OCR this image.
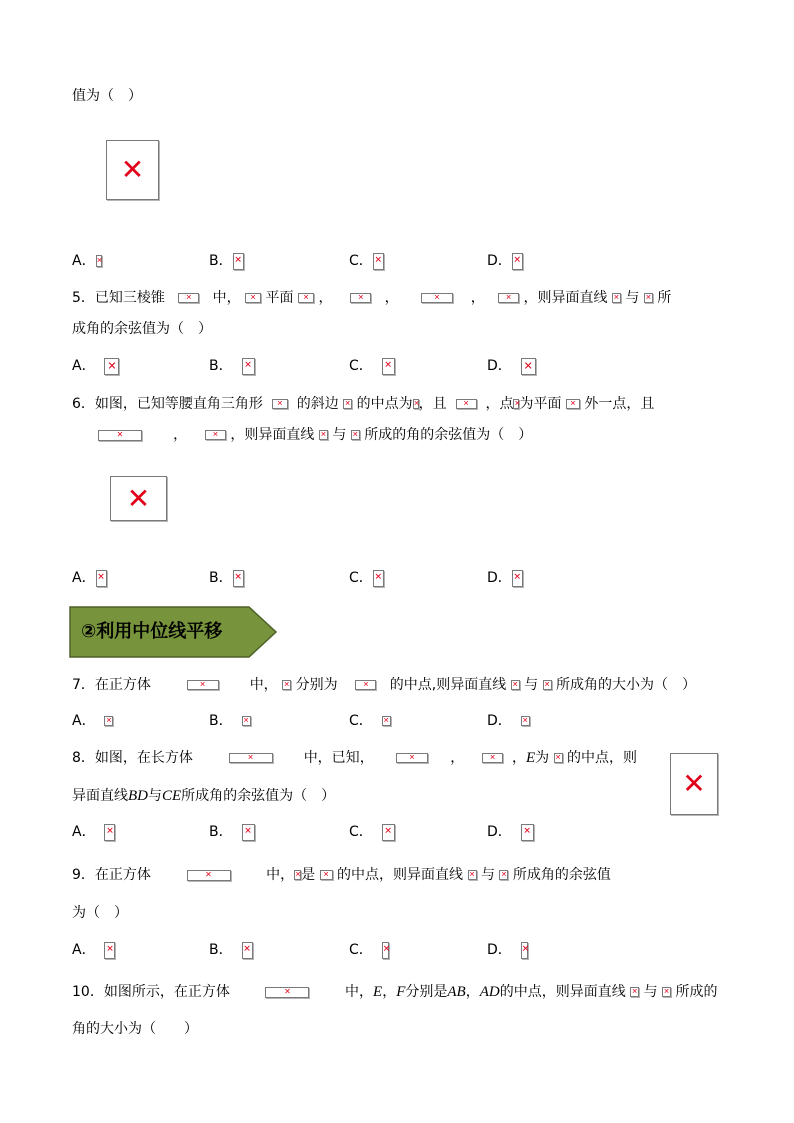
值为（　）
✕
A． ✕	B． ✕	C． ✕	D．✕
5．已知三棱锥 ✕	中， ✕ 平面 ✕ ， ✕	， ✕	， ✕	，则异面直线 ✕ 与 ✕ 所
成角的余弦值为（　）
A． ✕	B． ✕	C． ✕	D．  ✕
6．如图，已知等腰直角三角形 ✕ 的斜边 ✕ 的中点为 ✕ ，且 ✕	，点 ✕ 为平面 ✕ 外一点，且
✕       ， ✕	，则异面直线 ✕ 与 ✕ 所成的角的余弦值为（　）
✕
A． ✕	B． ✕	C． ✕	D．✕
②利用中位线平移
7．在正方体 ✕	中， ✕ 分别为 ✕	的中点,则异面直线 ✕ 与 ✕ 所成角的大小为（　）
A． ✕	B． ✕	C． ✕	D．  ✕
8．如图，在长方体 ✕	中，已知， ✕	， ✕	，E为 ✕ 的中点，则
异面直线BD与CE所成角的余弦值为（　）
✕
A． ✕	B． ✕	C． ✕	D．  ✕
9．在正方体 ✕	中， ✕ 是 ✕ 的中点，则异面直线 ✕ 与 ✕ 所成角的余弦值
为（　）
A． ✕	B． ✕	C． ✕	D．  ✕
10．如图所示，在正方体 ✕	中，E，F分别是AB，AD的中点，则异面直线 ✕ 与 ✕ 所成的
角的大小为（　　）
